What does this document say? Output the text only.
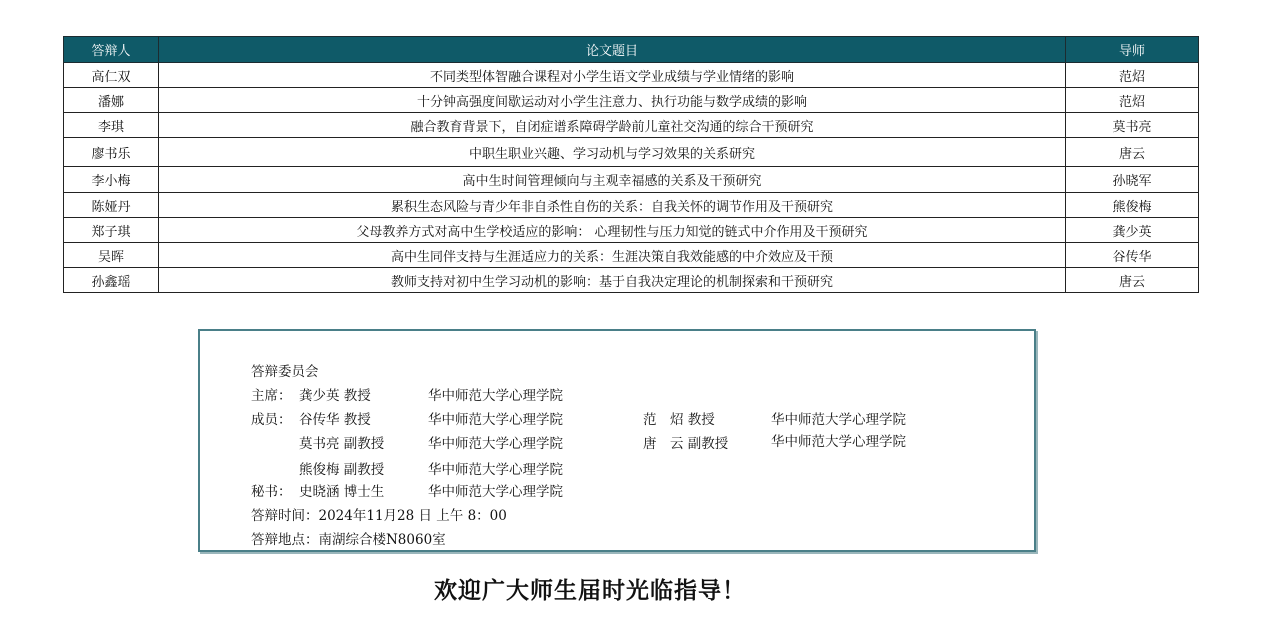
答辩人	论文题目	导师
高仁双	不同类型体智融合课程对小学生语文学业成绩与学业情绪的影响	范炤
潘娜	十分钟高强度间歇运动对小学生注意力、执行功能与数学成绩的影响	范炤
李琪	融合教育背景下，自闭症谱系障碍学龄前儿童社交沟通的综合干预研究	莫书亮
廖书乐	中职生职业兴趣、学习动机与学习效果的关系研究	唐云
李小梅	高中生时间管理倾向与主观幸福感的关系及干预研究	孙晓军
陈娅丹	累积生态风险与青少年非自杀性自伤的关系：自我关怀的调节作用及干预研究	熊俊梅
郑子琪	父母教养方式对高中生学校适应的影响： 心理韧性与压力知觉的链式中介作用及干预研究	龚少英
吴晖	高中生同伴支持与生涯适应力的关系：生涯决策自我效能感的中介效应及干预	谷传华
孙鑫瑶	教师支持对初中生学习动机的影响：基于自我决定理论的机制探索和干预研究	唐云
答辩委员会
主席： 龚少英 教授	华中师范大学心理学院
成员： 谷传华 教授	华中师范大学心理学院	范　炤 教授	华中师范大学心理学院
莫书亮 副教授	华中师范大学心理学院	唐　云 副教授	华中师范大学心理学院
熊俊梅 副教授	华中师范大学心理学院
秘书： 史晓涵 博士生	华中师范大学心理学院
答辩时间：2024年11月28 日 上午 8：00
答辩地点：南湖综合楼N8060室
欢迎广大师生届时光临指导！
